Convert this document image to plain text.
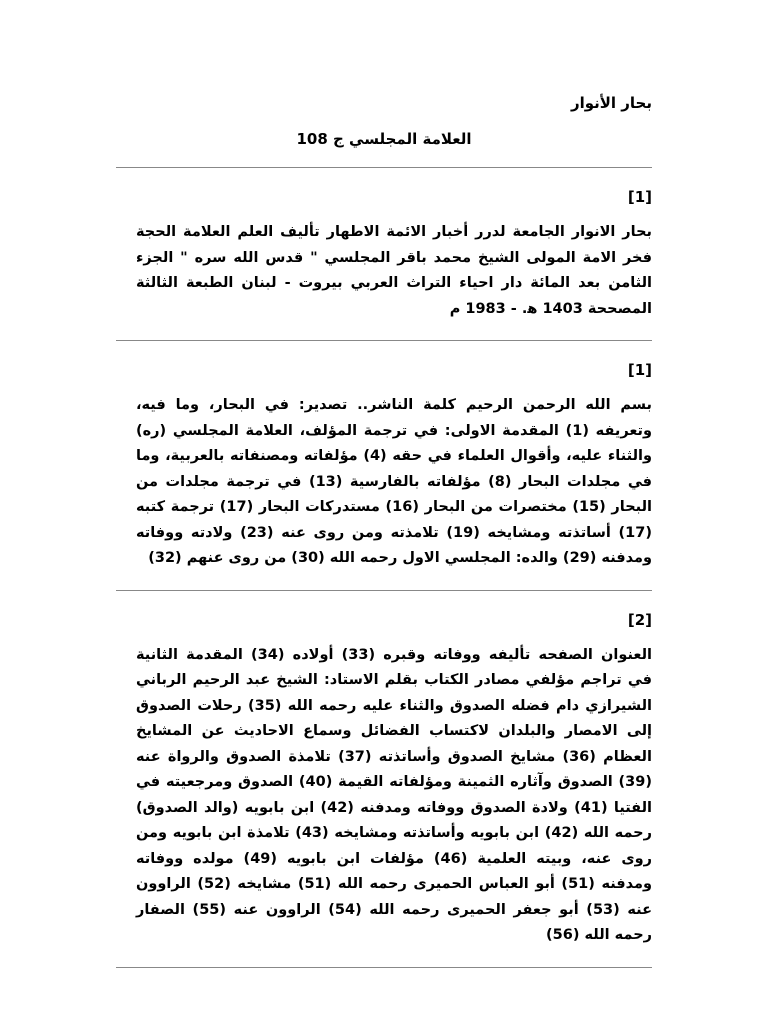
بحار الأنوار
العلامة المجلسي ج 108
[1]

بحار الانوار الجامعة لدرر أخبار الائمة الاطهار تأليف العلم العلامة الحجة فخر الامة المولى الشيخ محمد باقر المجلسي " قدس الله سره " الجزء الثامن بعد المائة دار احياء التراث العربي بيروت - لبنان الطبعة الثالثة المصححة 1403 ه‍. - 1983 م

[1]

بسم الله الرحمن الرحيم كلمة الناشر.. تصدير: في البحار، وما فيه، وتعريفه (1) المقدمة الاولى: في ترجمة المؤلف، العلامة المجلسي (ره) والثناء عليه، وأقوال العلماء في حقه (4) مؤلفاته ومصنفاته بالعربية، وما في مجلدات البحار (8) مؤلفاته بالفارسية (13) في ترجمة مجلدات من البحار (15) مختصرات من البحار (16) مستدركات البحار (17) ترجمة كتبه (17) أساتذته ومشايخه (19) تلامذته ومن روى عنه (23) ولادته ووفاته ومدفنه (29) والده: المجلسي الاول رحمه الله (30) من روى عنهم (32)

[2]

العنوان الصفحه تأليفه ووفاته وقبره (33) أولاده (34) المقدمة الثانية في تراجم مؤلفي مصادر الكتاب بقلم الاستاد: الشيخ عبد الرحيم الرباني الشيرازي دام فضله الصدوق والثناء عليه رحمه الله (35) رحلات الصدوق إلى الامصار والبلدان لاكتساب الفضائل وسماع الاحاديث عن المشايخ العظام (36) مشايخ الصدوق وأساتذته (37) تلامذة الصدوق والرواة عنه (39) الصدوق وآثاره الثمينة ومؤلفاته القيمة (40) الصدوق ومرجعيته في الفتيا (41) ولادة الصدوق ووفاته ومدفنه (42) ابن بابويه (والد الصدوق) رحمه الله (42) ابن بابويه وأساتذته ومشايخه (43) تلامذة ابن بابويه ومن روى عنه، وبيته العلمية (46) مؤلفات ابن بابويه (49) مولده ووفاته ومدفنه (51) أبو العباس الحميرى رحمه الله (51) مشايخه (52) الراوون عنه (53) أبو جعفر الحميرى رحمه الله (54) الراوون عنه (55) الصفار رحمه الله (56)
